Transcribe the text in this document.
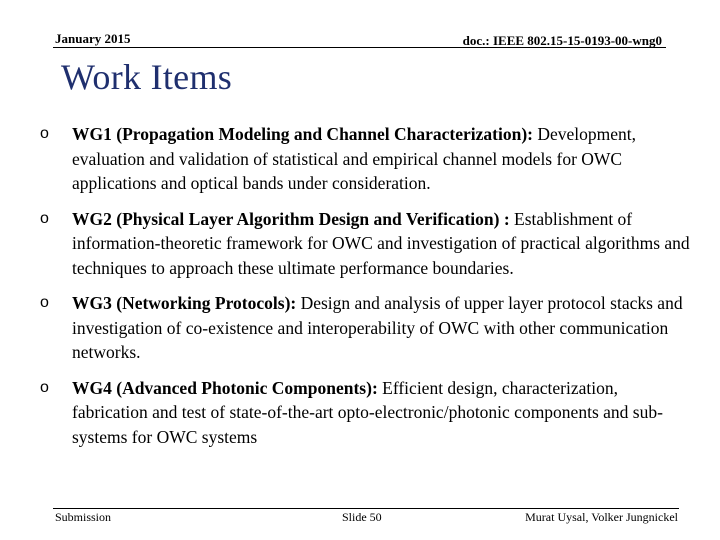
January 2015	doc.: IEEE 802.15-15-0193-00-wng0
Work Items
o WG1 (Propagation Modeling and Channel Characterization): Development, evaluation and validation of statistical and empirical channel models for OWC applications and optical bands under consideration.
o WG2 (Physical Layer Algorithm Design and Verification) : Establishment of information-theoretic framework for OWC and investigation of practical algorithms and techniques to approach these ultimate performance boundaries.
o WG3 (Networking Protocols): Design and analysis of upper layer protocol stacks and investigation of co-existence and interoperability of OWC with other communication networks.
o WG4 (Advanced Photonic Components): Efficient design, characterization, fabrication and test of state-of-the-art opto-electronic/photonic components and sub-systems for OWC systems
Submission	Slide 50	Murat Uysal, Volker Jungnickel
